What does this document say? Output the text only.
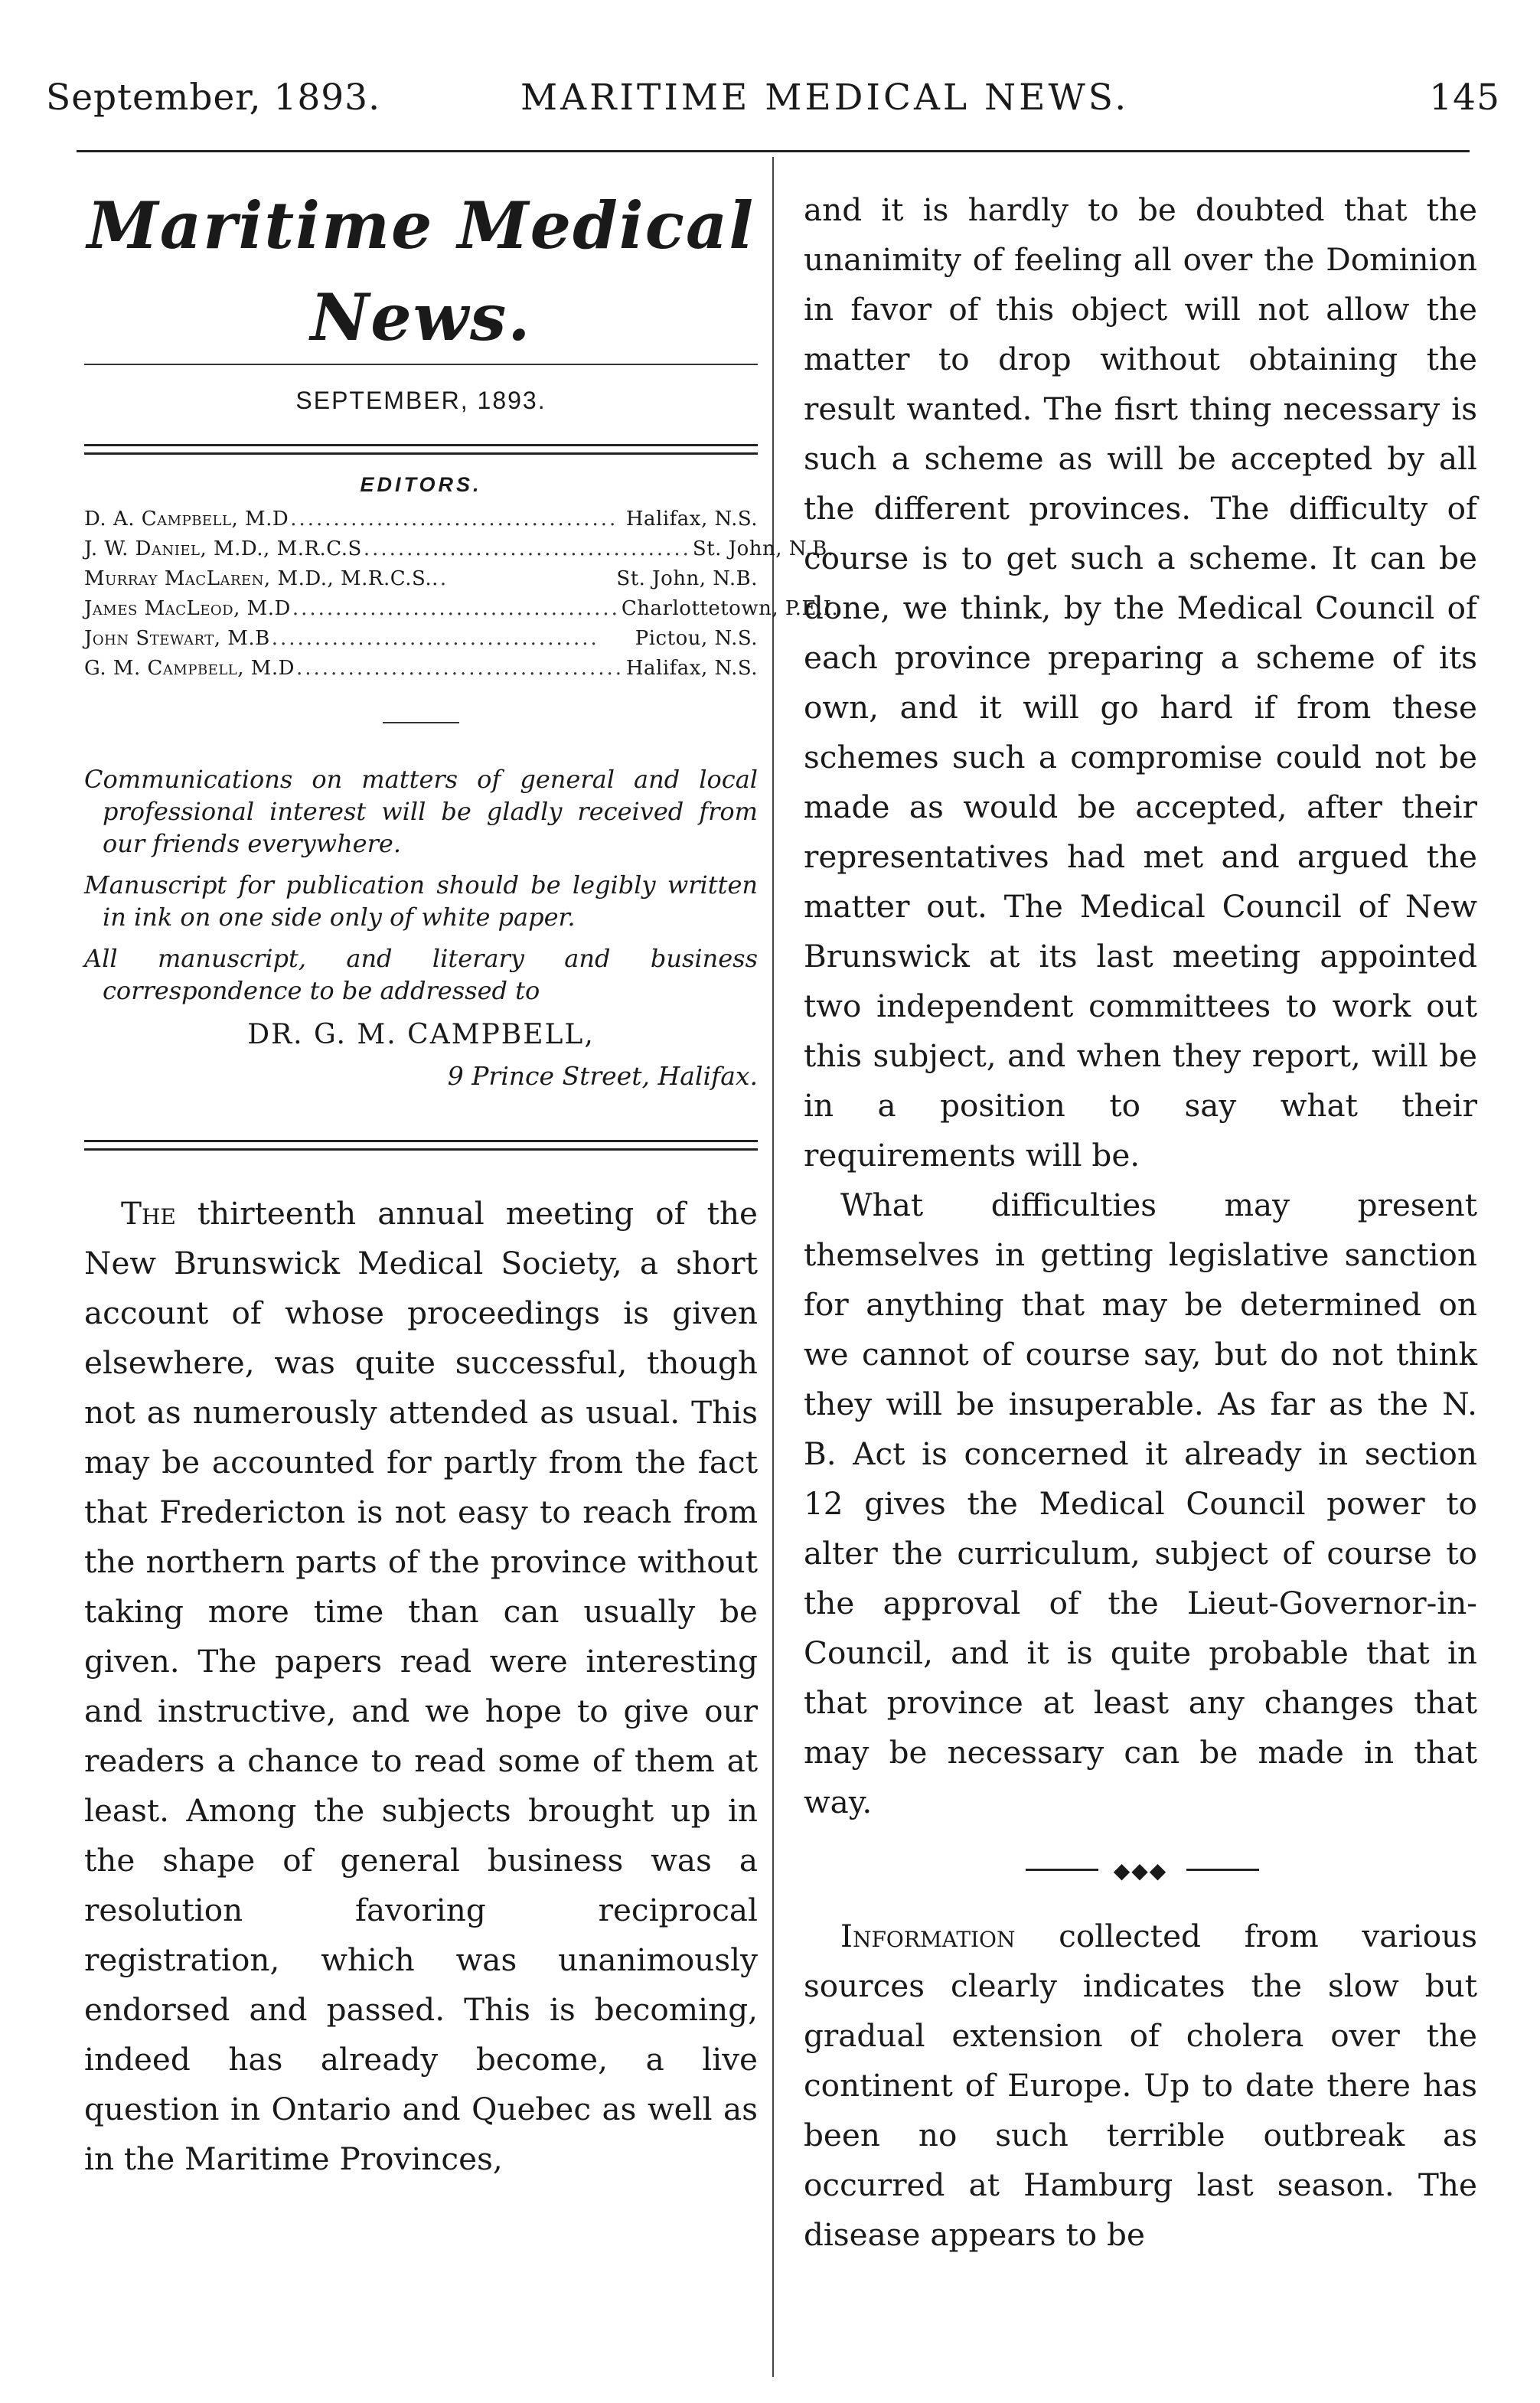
September, 1893.	MARITIME MEDICAL NEWS.	145
Maritime Medical News.
SEPTEMBER, 1893.
EDITORS.
D. A. Campbell, M.D ...................................... Halifax, N.S.
J. W. Daniel, M.D., M.R.C.S ...................................... St. John, N.B.
Murray MacLaren, M.D., M.R.C.S.. .	St. John, N.B.
James MacLeod, M.D ...................................... Charlottetown, P.E.I.
John Stewart, M.B ......................................	Pictou, N.S.
G. M. Campbell, M.D ...................................... Halifax, N.S.

Communications on matters of general and local professional interest will be gladly received from our friends everywhere.

Manuscript for publication should be legibly written in ink on one side only of white paper.

All manuscript, and literary and business correspondence to be addressed to

DR. G. M. CAMPBELL,
9 Prince Street, Halifax.

The thirteenth annual meeting of the New Brunswick Medical Society, a short account of whose proceedings is given elsewhere, was quite successful, though not as numerously attended as usual. This may be accounted for partly from the fact that Fredericton is not easy to reach from the northern parts of the province without taking more time than can usually be given. The papers read were interesting and instructive, and we hope to give our readers a chance to read some of them at least. Among the subjects brought up in the shape of general business was a resolution favoring reciprocal registration, which was unanimously endorsed and passed. This is becoming, indeed has already become, a live question in Ontario and Quebec as well as in the Maritime Provinces,

and it is hardly to be doubted that the unanimity of feeling all over the Dominion in favor of this object will not allow the matter to drop without obtaining the result wanted. The fisrt thing necessary is such a scheme as will be accepted by all the different provinces. The difficulty of course is to get such a scheme. It can be done, we think, by the Medical Council of each province preparing a scheme of its own, and it will go hard if from these schemes such a compromise could not be made as would be accepted, after their representatives had met and argued the matter out. The Medical Council of New Brunswick at its last meeting appointed two independent committees to work out this subject, and when they report, will be in a position to say what their requirements will be.

What difficulties may present themselves in getting legislative sanction for anything that may be determined on we cannot of course say, but do not think they will be insuperable. As far as the N. B. Act is concerned it already in section 12 gives the Medical Council power to alter the curriculum, subject of course to the approval of the Lieut-Governor-in-Council, and it is quite probable that in that province at least any changes that may be necessary can be made in that way.

◆◆◆

Information collected from various sources clearly indicates the slow but gradual extension of cholera over the continent of Europe. Up to date there has been no such terrible outbreak as occurred at Hamburg last season. The disease appears to be
